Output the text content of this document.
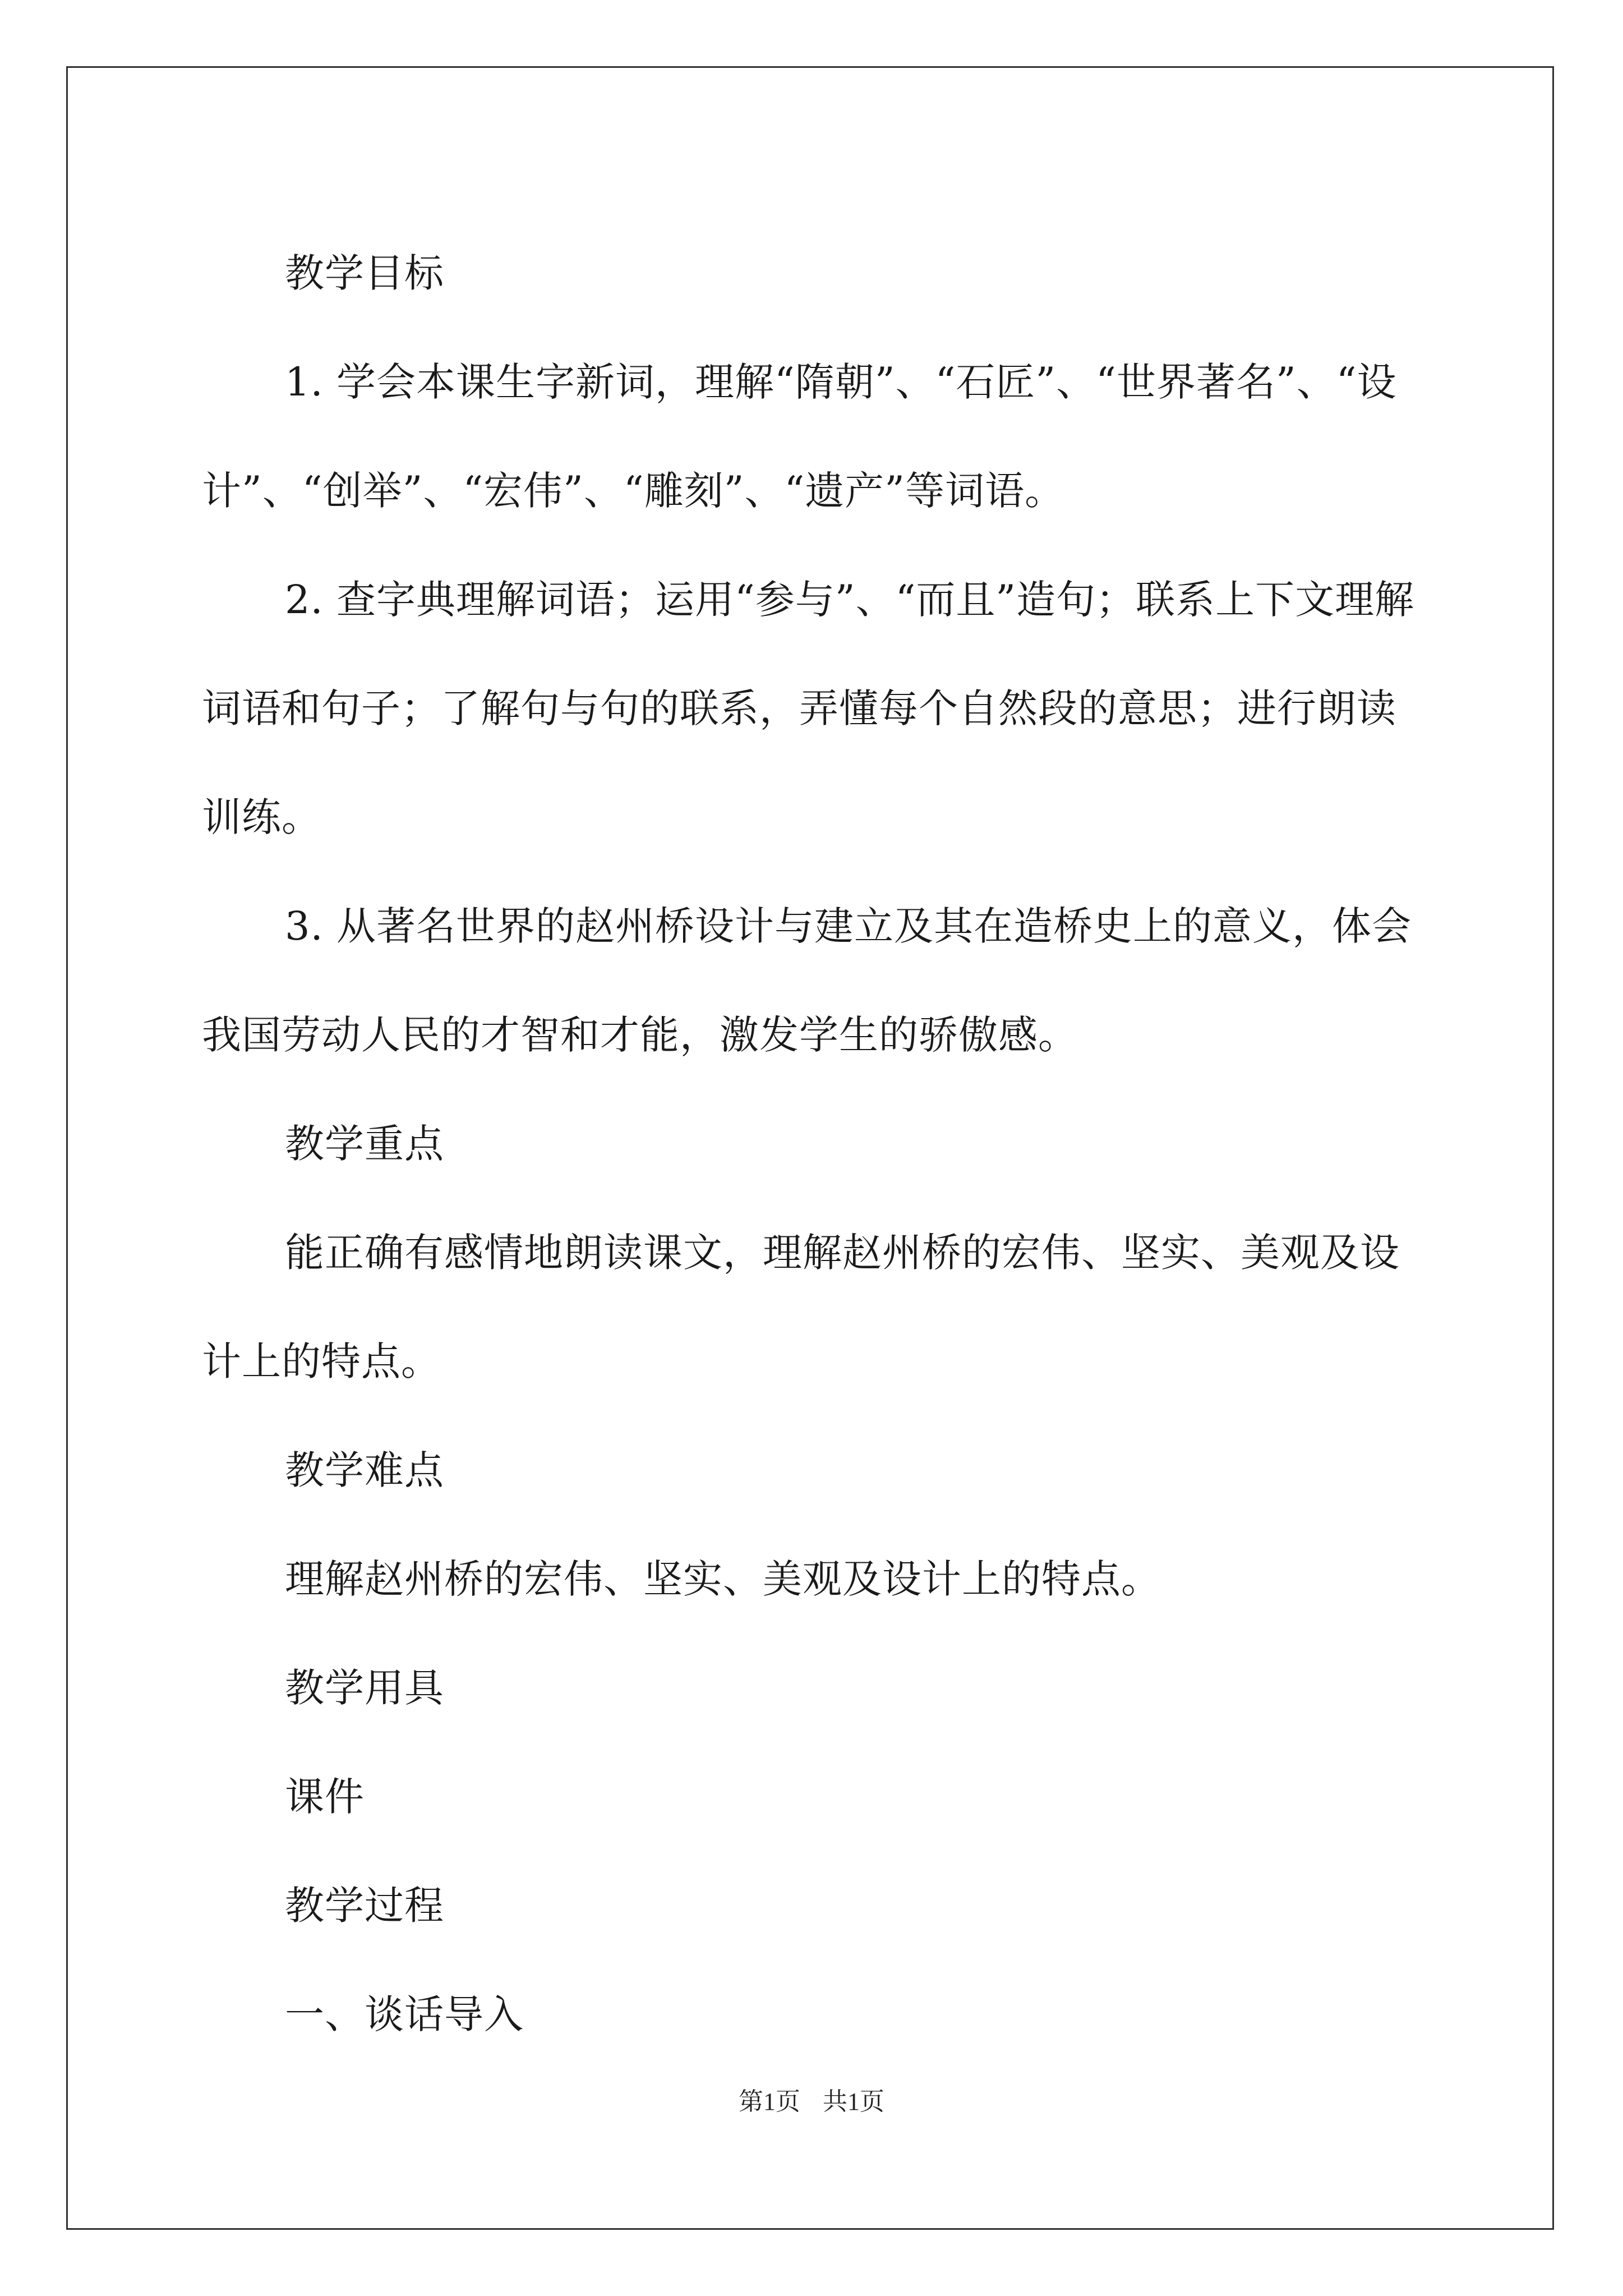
教学目标

1. 学会本课生字新词，理解“隋朝”、“石匠”、“世界著名”、“设计”、“创举”、“宏伟”、“雕刻”、“遗产”等词语。

2. 查字典理解词语；运用“参与”、“而且”造句；联系上下文理解词语和句子；了解句与句的联系，弄懂每个自然段的意思；进行朗读训练。

3. 从著名世界的赵州桥设计与建立及其在造桥史上的意义，体会我国劳动人民的才智和才能，激发学生的骄傲感。

教学重点

能正确有感情地朗读课文，理解赵州桥的宏伟、坚实、美观及设计上的特点。

教学难点

理解赵州桥的宏伟、坚实、美观及设计上的特点。

教学用具

课件

教学过程

一、谈话导入

第1页 共1页
